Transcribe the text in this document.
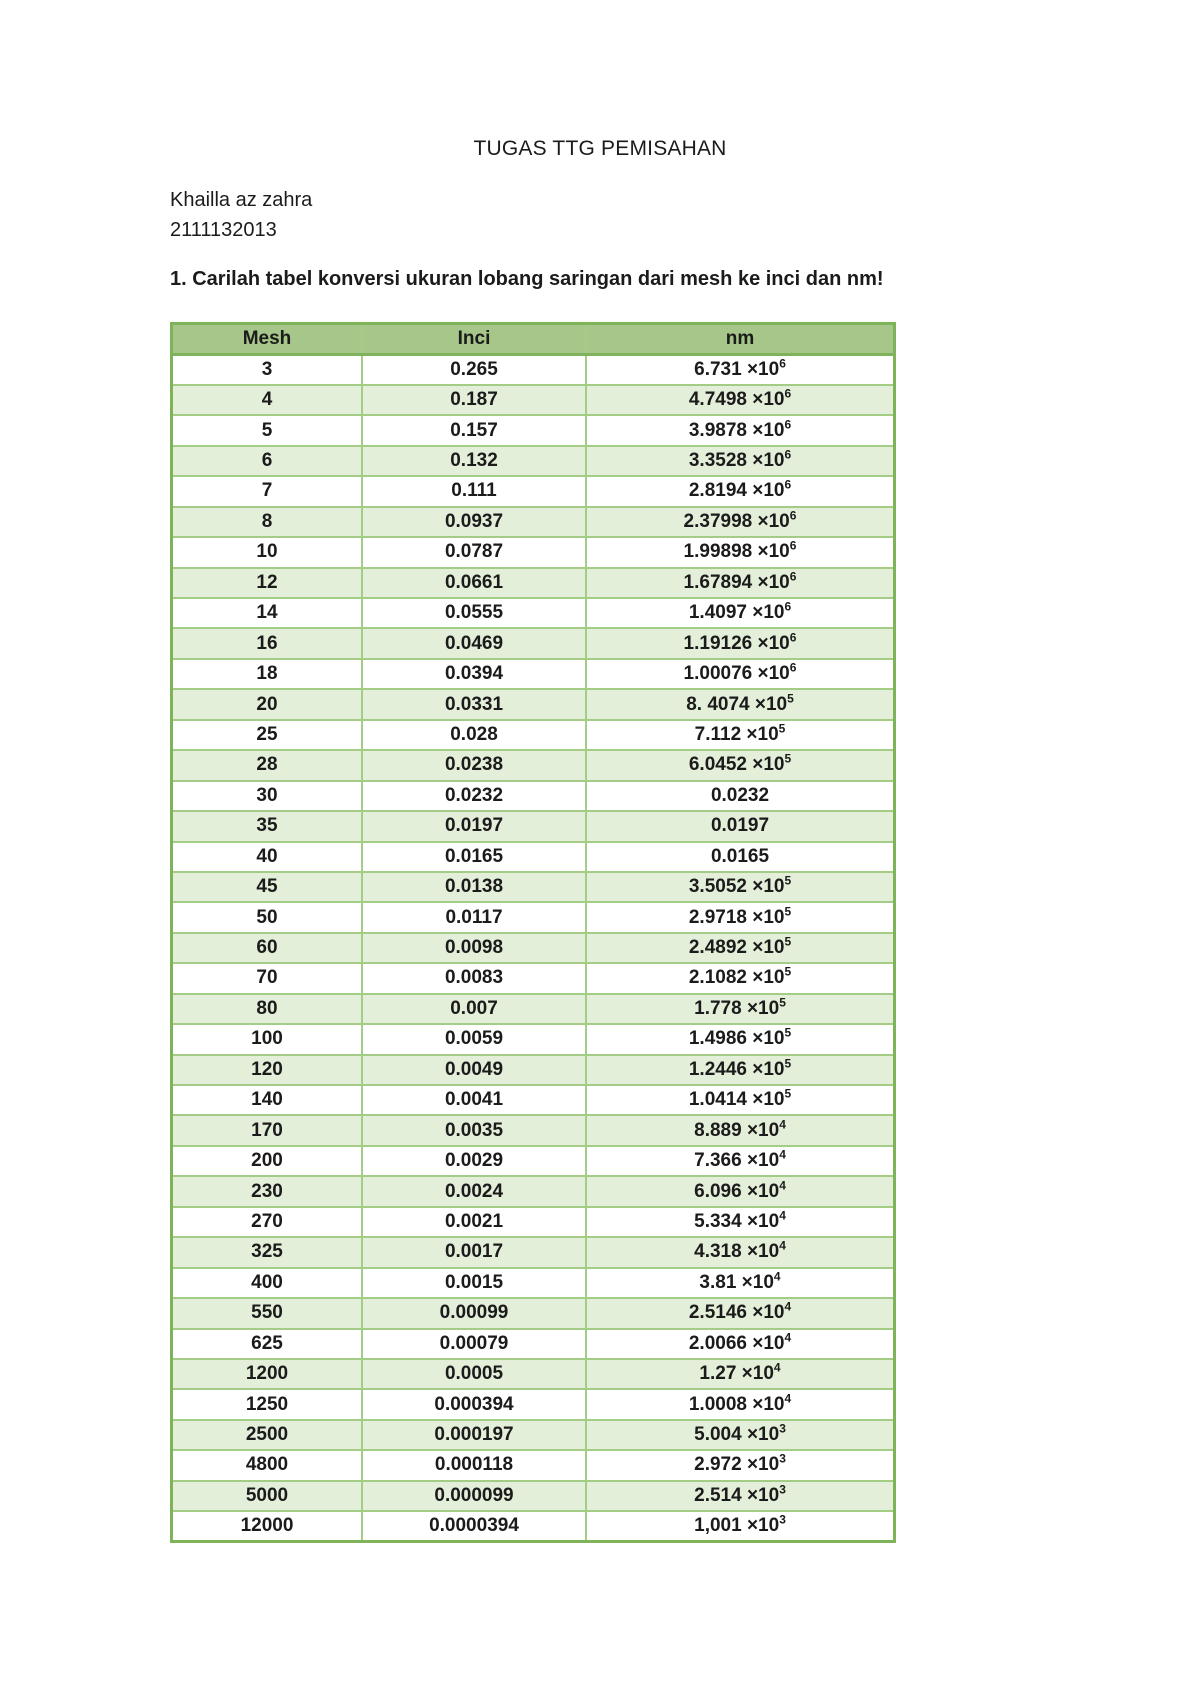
TUGAS TTG PEMISAHAN
Khailla az zahra
2111132013
1. Carilah tabel konversi ukuran lobang saringan dari mesh ke inci dan nm!
Mesh	Inci	nm
3	0.265	$6.731 \times 10^6$
4	0.187	$4.7498 \times 10^6$
5	0.157	$3.9878 \times 10^6$
6	0.132	$3.3528 \times 10^6$
7	0.111	$2.8194 \times 10^6$
8	0.0937	$2.37998 \times 10^6$
10	0.0787	$1.99898 \times 10^6$
12	0.0661	$1.67894 \times 10^6$
14	0.0555	$1.4097 \times 10^6$
16	0.0469	$1.19126 \times 10^6$
18	0.0394	$1.00076 \times 10^6$
20	0.0331	8. $4074 \times 10^5$
25	0.028	$7.112 \times 10^5$
28	0.0238	$6.0452 \times 10^5$
30	0.0232	0.0232
35	0.0197	0.0197
40	0.0165	0.0165
45	0.0138	$3.5052 \times 10^5$
50	0.0117	$2.9718 \times 10^5$
60	0.0098	$2.4892 \times 10^5$
70	0.0083	$2.1082 \times 10^5$
80	0.007	$1.778 \times 10^5$
100	0.0059	$1.4986 \times 10^5$
120	0.0049	$1.2446 \times 10^5$
140	0.0041	$1.0414 \times 10^5$
170	0.0035	$8.889 \times 10^4$
200	0.0029	$7.366 \times 10^4$
230	0.0024	$6.096 \times 10^4$
270	0.0021	$5.334 \times 10^4$
325	0.0017	$4.318 \times 10^4$
400	0.0015	$3.81 \times 10^4$
550	0.00099	$2.5146 \times 10^4$
625	0.00079	$2.0066 \times 10^4$
1200	0.0005	$1.27 \times 10^4$
1250	0.000394	$1.0008 \times 10^4$
2500	0.000197	$5.004 \times 10^3$
4800	0.000118	$2.972 \times 10^3$
5000	0.000099	$2.514 \times 10^3$
12000	0.0000394	$1,001 \times 10^3$
